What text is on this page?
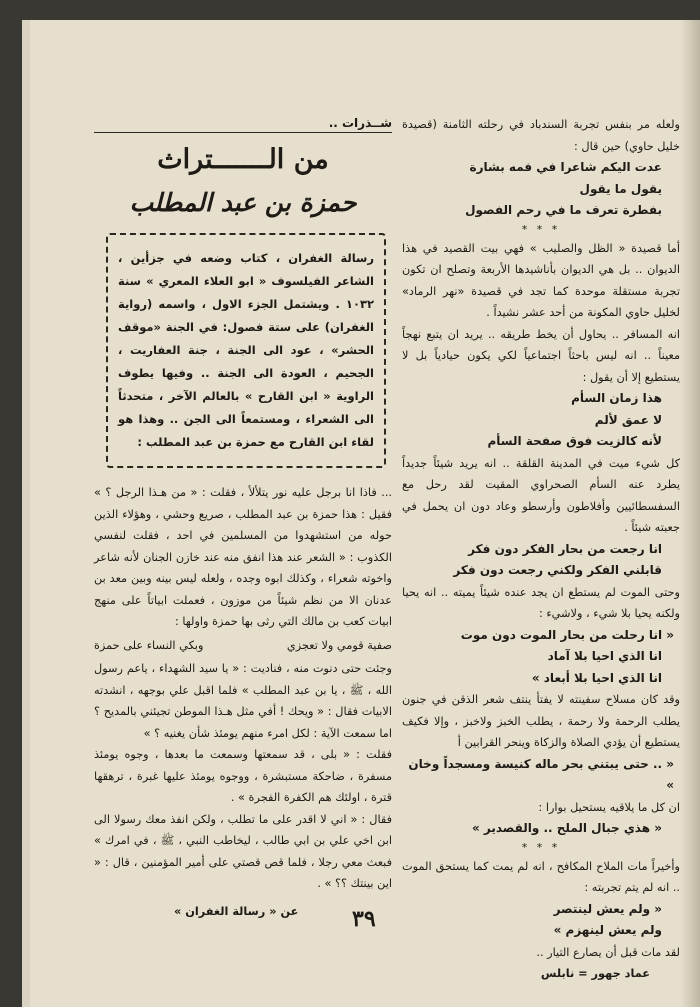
ولعله مر بنفس تجربة السندباد في رحلته الثامنة (قصيدة خليل حاوي) حين قال :

عدت اليكم شاعرا في فمه بشارة

يقول ما يقول

بفطرة تعرف ما في رحم الفصول

* * *

أما قصيدة « الظل والصليب » فهي بيت القصيد في هذا الديوان .. بل هي الديوان بأناشيدها الأربعة وتصلح ان تكون تجربة مستقلة موحدة كما تجد في قصيدة «نهر الرماد» لخليل حاوي المكونة من أحد عشر نشيداً .

انه المسافر .. يحاول أن يخط طريقه .. يريد ان يتبع نهجاً معيناً .. انه ليس باحثاً اجتماعياً لكي يكون حيادياً بل لا يستطيع إلا أن يقول :

هذا زمان السأم

لا عمق لألم

لأنه كالزيت فوق صفحة السأم

كل شيء ميت في المدينة القلقة .. انه يريد شيئاً جديداً يطرد عنه السأم الصحراوي المقيت لقد رحل مع السفسطائيين وأفلاطون وأرسطو وعاد دون ان يحمل في جعبته شيئاً .

انا رجعت من بحار الفكر دون فكر

قابلني الفكر ولكني رجعت دون فكر

وحتى الموت لم يستطع ان يجد عنده شيئاً يميته .. انه يحيا ولكنه يحيا بلا شيء ، ولاشيء :

« انا رحلت من بحار الموت دون موت

انا الذي احيا بلا آماد

انا الذي احيا بلا أبعاد »

وقد كان مسلاح سفينته لا يفتأ ينتف شعر الذقن في جنون يطلب الرحمة ولا رحمة ، يطلب الخبز ولاخبز ، وإلا فكيف يستطيع أن يؤدي الصلاة والزكاة وينحر القرابين أ

« .. حتى يبتني بحر ماله كنيسة ومسجداً وخان »

ان كل ما يلاقيه يستحيل بوارا :

« هذي جبال الملح .. والقصدير »

* * *

وأخيراً مات الملاح المكافح ، انه لم يمت كما يستحق الموت .. انه لم يتم تجربته :

« ولم يعش لينتصر

ولم يعش لينهزم »

لقد مات قبل أن يصارع التيار ..

عماد جهور = نابلس

شــذرات ..

من الـــــــتراث

حمزة بن عبد المطلب

رسالة الغفران ، كتاب وضعه في جزأين ، الشاعر الفيلسوف « ابو العلاء المعري » سنة ١٠٣٢ . ويشتمل الجزء الاول ، واسمه (رواية الغفران) على ستة فصول: في الجنة «موقف الحشر» ، عود الى الجنة ، جنة العفاريت ، الجحيم ، العودة الى الجنة .. وفيها يطوف الراوية « ابن القارح » بالعالم الآخر ، متحدثاً الى الشعراء ، ومستمعاً الى الجن .. وهذا هو لقاء ابن القارح مع حمزة بن عبد المطلب :

... فاذا انا برجل عليه نور يتلألأ ، فقلت : « من هـذا الرجل ؟ » فقيل : هذا حمزة بن عبد المطلب ، صريع وحشي ، وهؤلاء الذين حوله من استشهدوا من المسلمين في احد ، فقلت لنفسي الكذوب : « الشعر عند هذا انفق منه عند خازن الجنان لأنه شاعر واخوته شعراء ، وكذلك ابوه وجده ، ولعله ليس بينه وبين معد بن عدنان الا من نظم شيئاً من موزون ، فعملت ابياتاً على منهج ابيات كعب بن مالك التي رثى بها حمزة واولها :

صفية قومي ولا تعجزي
وبكي النساء على حمزة

وجئت حتى دنوت منه ، فناديت : « يا سيد الشهداء ، ياعم رسول الله ، ﷺ ، يا بن عبد المطلب » فلما اقبل علي بوجهه ، انشدته الابيات فقال : « ويحك ! أفي مثل هـذا الموطن تجيئني بالمديح ؟ اما سمعت الآية : لكل امرء منهم يومئذ شأن يغنيه ؟ »

فقلت : « بلى ، قد سمعتها وسمعت ما بعدها ، وجوه يومئذ مسفرة ، ضاحكة مستبشرة ، ووجوه يومئذ عليها غبرة ، ترهقها قترة ، اولئك هم الكفرة الفجرة » .

فقال : « اني لا اقدر على ما تطلب ، ولكن انفذ معك رسولا الى ابن اخي علي بن ابي طالب ، ليخاطب النبي ، ﷺ ، في امرك » فبعث معي رجلا ، فلما قص قصتي على أمير المؤمنين ، قال : « اين بينتك ؟؟ » .

عن « رسالة الغفران »	٣٩
